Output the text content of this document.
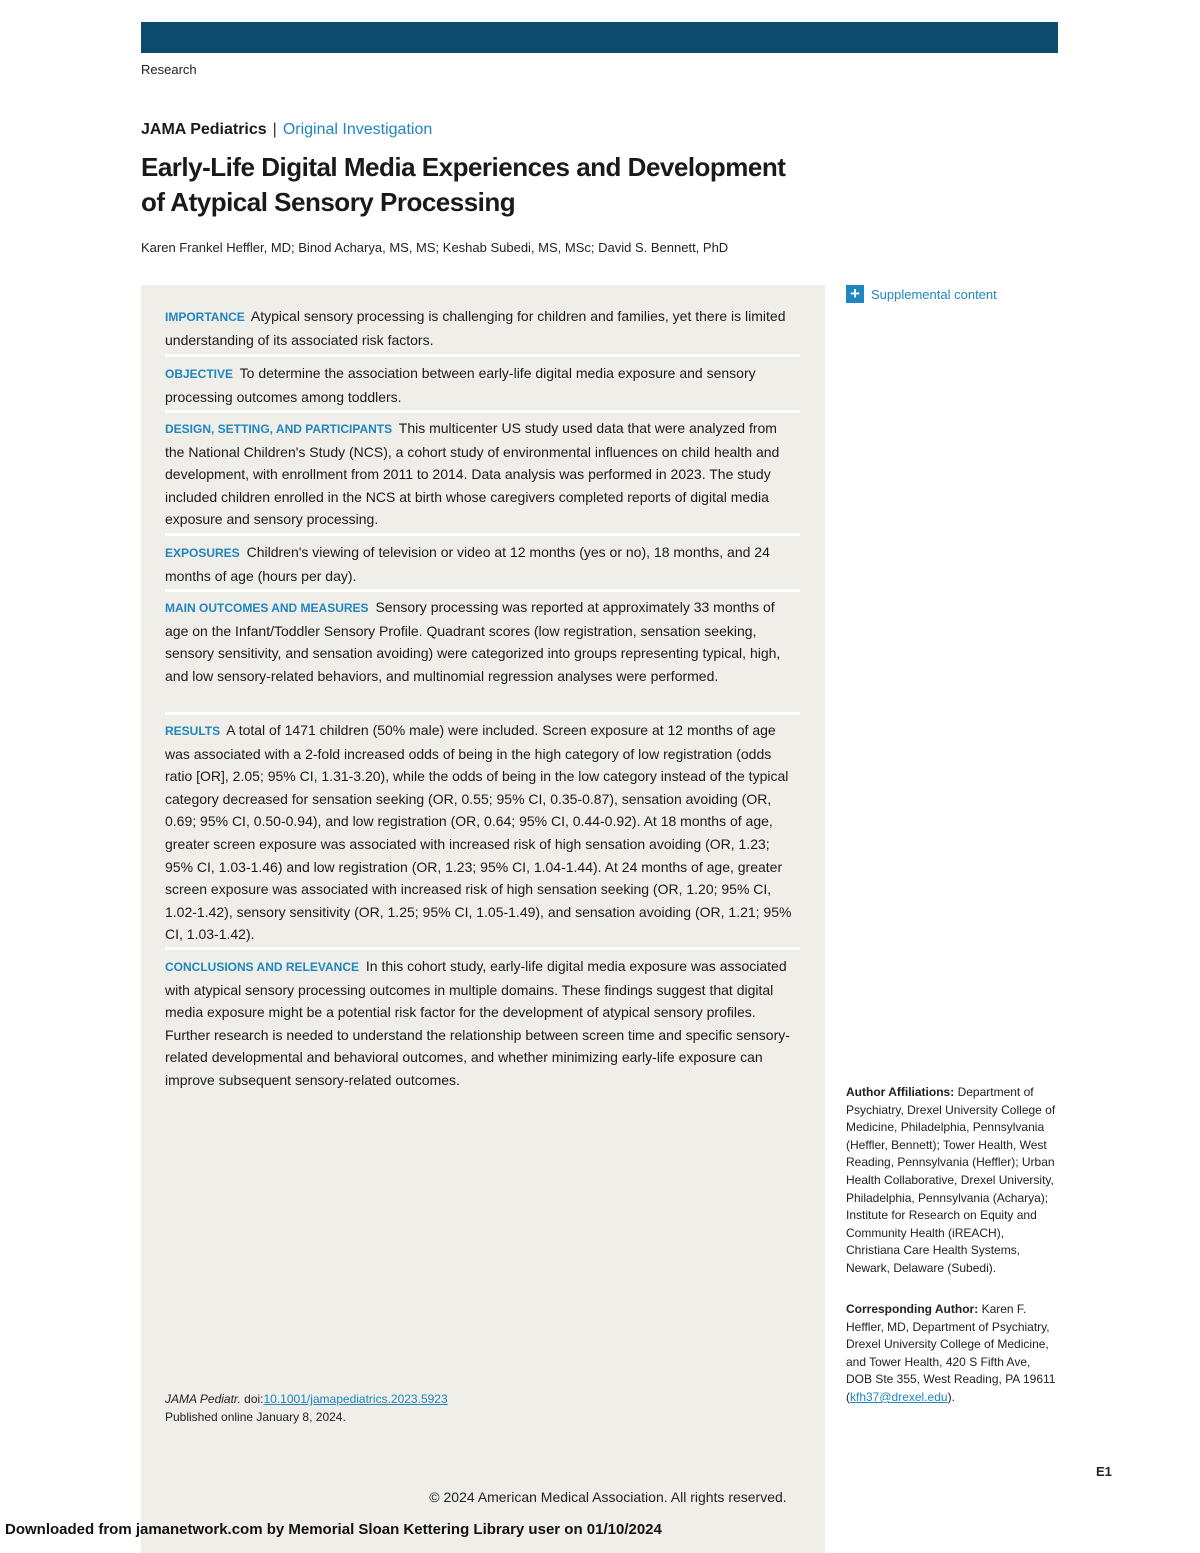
Research
JAMA Pediatrics | Original Investigation
Early-Life Digital Media Experiences and Development
of Atypical Sensory Processing
Karen Frankel Heffler, MD; Binod Acharya, MS, MS; Keshab Subedi, MS, MSc; David S. Bennett, PhD
IMPORTANCE Atypical sensory processing is challenging for children and families, yet there is limited understanding of its associated risk factors.
OBJECTIVE To determine the association between early-life digital media exposure and sensory processing outcomes among toddlers.
DESIGN, SETTING, AND PARTICIPANTS This multicenter US study used data that were analyzed from the National Children's Study (NCS), a cohort study of environmental influences on child health and development, with enrollment from 2011 to 2014. Data analysis was performed in 2023. The study included children enrolled in the NCS at birth whose caregivers completed reports of digital media exposure and sensory processing.
EXPOSURES Children's viewing of television or video at 12 months (yes or no), 18 months, and 24 months of age (hours per day).
MAIN OUTCOMES AND MEASURES Sensory processing was reported at approximately 33 months of age on the Infant/Toddler Sensory Profile. Quadrant scores (low registration, sensation seeking, sensory sensitivity, and sensation avoiding) were categorized into groups representing typical, high, and low sensory-related behaviors, and multinomial regression analyses were performed.
RESULTS A total of 1471 children (50% male) were included. Screen exposure at 12 months of age was associated with a 2-fold increased odds of being in the high category of low registration (odds ratio [OR], 2.05; 95% CI, 1.31-3.20), while the odds of being in the low category instead of the typical category decreased for sensation seeking (OR, 0.55; 95% CI, 0.35-0.87), sensation avoiding (OR, 0.69; 95% CI, 0.50-0.94), and low registration (OR, 0.64; 95% CI, 0.44-0.92). At 18 months of age, greater screen exposure was associated with increased risk of high sensation avoiding (OR, 1.23; 95% CI, 1.03-1.46) and low registration (OR, 1.23; 95% CI, 1.04-1.44). At 24 months of age, greater screen exposure was associated with increased risk of high sensation seeking (OR, 1.20; 95% CI, 1.02-1.42), sensory sensitivity (OR, 1.25; 95% CI, 1.05-1.49), and sensation avoiding (OR, 1.21; 95% CI, 1.03-1.42).
CONCLUSIONS AND RELEVANCE In this cohort study, early-life digital media exposure was associated with atypical sensory processing outcomes in multiple domains. These findings suggest that digital media exposure might be a potential risk factor for the development of atypical sensory profiles. Further research is needed to understand the relationship between screen time and specific sensory-related developmental and behavioral outcomes, and whether minimizing early-life exposure can improve subsequent sensory-related outcomes.
JAMA Pediatr. doi:10.1001/jamapediatrics.2023.5923
Published online January 8, 2024.
© 2024 American Medical Association. All rights reserved.
Downloaded from jamanetwork.com by Memorial Sloan Kettering Library user on 01/10/2024
+ Supplemental content
Author Affiliations: Department of Psychiatry, Drexel University College of Medicine, Philadelphia, Pennsylvania (Heffler, Bennett); Tower Health, West Reading, Pennsylvania (Heffler); Urban Health Collaborative, Drexel University, Philadelphia, Pennsylvania (Acharya); Institute for Research on Equity and Community Health (iREACH), Christiana Care Health Systems, Newark, Delaware (Subedi).
Corresponding Author: Karen F. Heffler, MD, Department of Psychiatry, Drexel University College of Medicine, and Tower Health, 420 S Fifth Ave, DOB Ste 355, West Reading, PA 19611 (kfh37@drexel.edu).
E1
